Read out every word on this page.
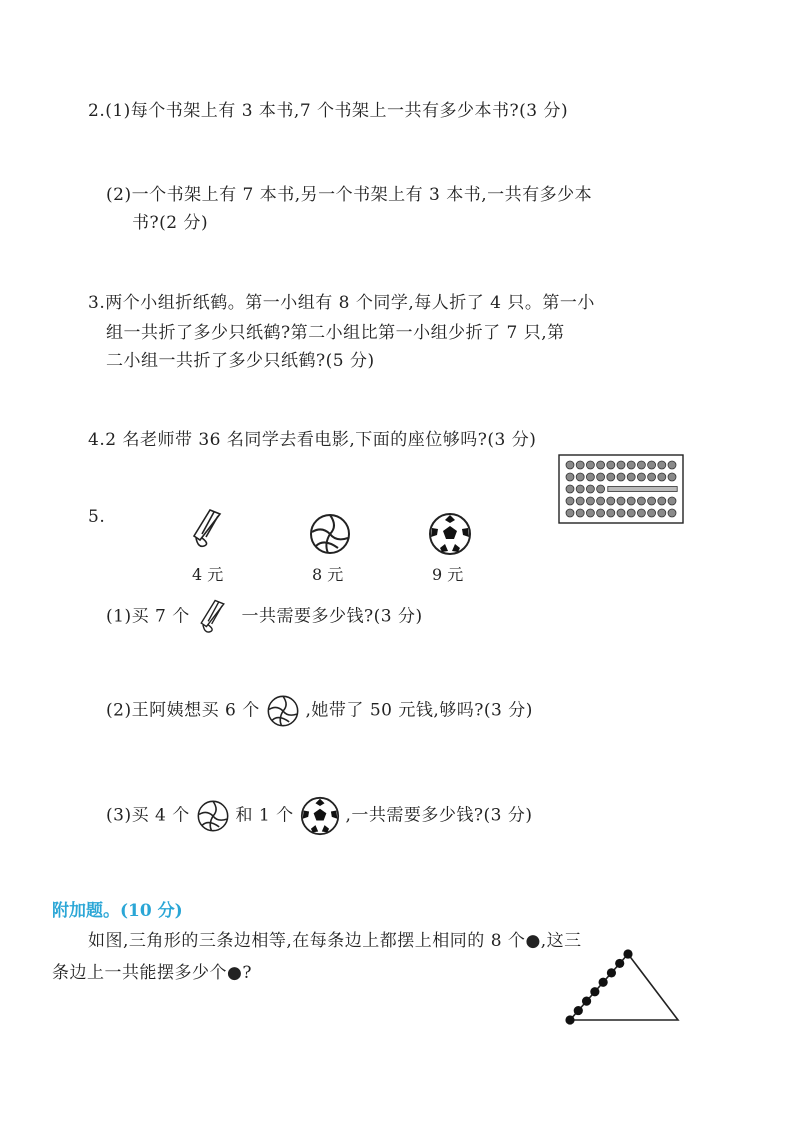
2.(1)每个书架上有 3 本书,7 个书架上一共有多少本书?(3 分)
(2)一个书架上有 7 本书,另一个书架上有 3 本书,一共有多少本
书?(2 分)
3.两个小组折纸鹤。第一小组有 8 个同学,每人折了 4 只。第一小
组一共折了多少只纸鹤?第二小组比第一小组少折了 7 只,第
二小组一共折了多少只纸鹤?(5 分)
4.2 名老师带 36 名同学去看电影,下面的座位够吗?(3 分)
5.
4 元	8 元	9 元
(1)买 7 个	一共需要多少钱?(3 分)
(2)王阿姨想买 6 个	,她带了 50 元钱,够吗?(3 分)
(3)买 4 个	和 1 个	,一共需要多少钱?(3 分)
附加题。(10 分)
如图,三角形的三条边相等,在每条边上都摆上相同的 8 个●,这三
条边上一共能摆多少个●?
